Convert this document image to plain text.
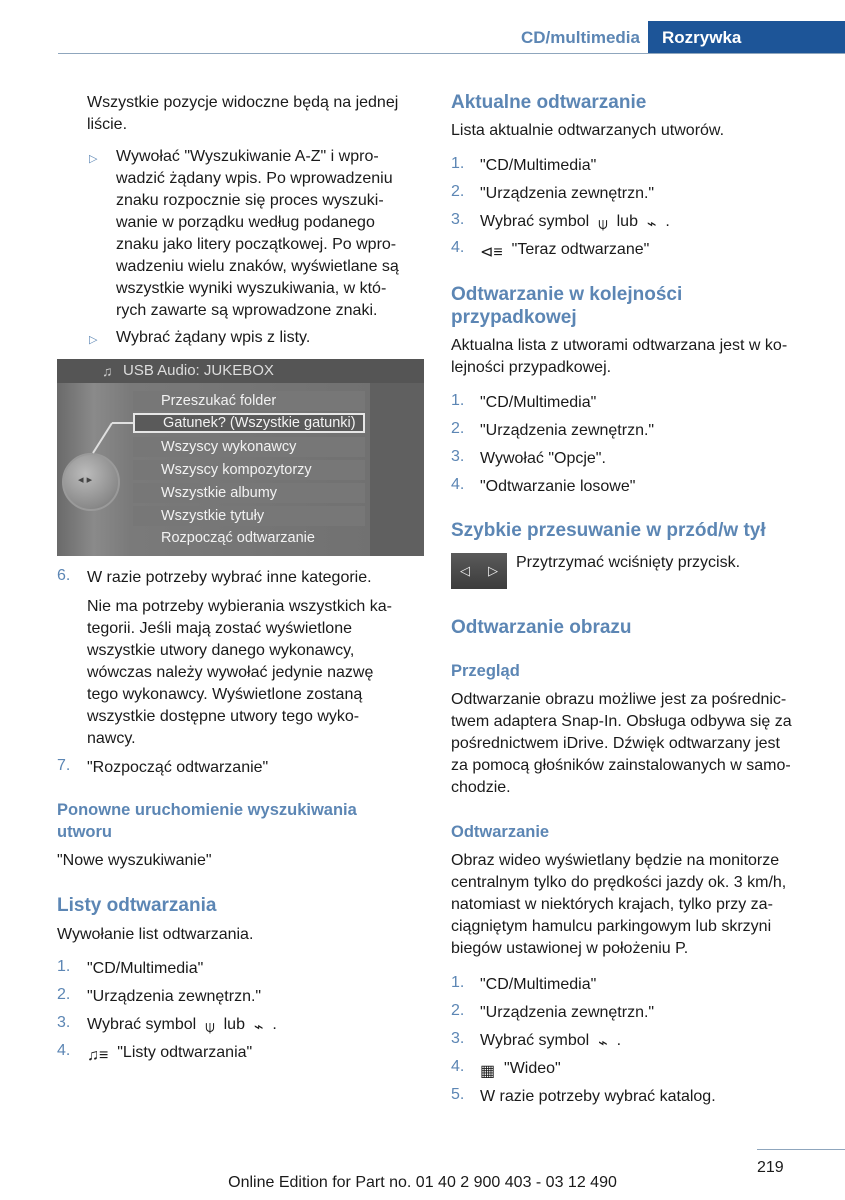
CD/multimedia	Rozrywka

Wszystkie pozycje widoczne będą na jednej

liście.

▷ Wywołać "Wyszukiwanie A-Z" i wpro-

wadzić żądany wpis. Po wprowadzeniu

znaku rozpocznie się proces wyszuki-

wanie w porządku według podanego

znaku jako litery początkowej. Po wpro-

wadzeniu wielu znaków, wyświetlane są

wszystkie wyniki wyszukiwania, w któ-

rych zawarte są wprowadzone znaki.

▷ Wybrać żądany wpis z listy.

♫ USB Audio: JUKEBOX
◂ ▸
Przeszukać folder
Gatunek? (Wszystkie gatunki)
Wszyscy wykonawcy
Wszyscy kompozytorzy
Wszystkie albumy
Wszystkie tytuły
Rozpocząć odtwarzanie
6. W razie potrzeby wybrać inne kategorie.

Nie ma potrzeby wybierania wszystkich ka-

tegorii. Jeśli mają zostać wyświetlone

wszystkie utwory danego wykonawcy,

wówczas należy wywołać jedynie nazwę

tego wykonawcy. Wyświetlone zostaną

wszystkie dostępne utwory tego wyko-

nawcy.

7. "Rozpocząć odtwarzanie"

Ponowne uruchomienie wyszukiwania

utworu

"Nowe wyszukiwanie"

Listy odtwarzania

Wywołanie list odtwarzania.

1. "CD/Multimedia"

2. "Urządzenia zewnętrzn."

3. Wybrać symbol  ⍦  lub  ⌁  .

4. ♫≡  "Listy odtwarzania"

Aktualne odtwarzanie

Lista aktualnie odtwarzanych utworów.

1. "CD/Multimedia"

2. "Urządzenia zewnętrzn."

3. Wybrać symbol  ⍦  lub  ⌁  .

4. ⊲≡  "Teraz odtwarzane"

Odtwarzanie w kolejności

przypadkowej

Aktualna lista z utworami odtwarzana jest w ko-

lejności przypadkowej.

1. "CD/Multimedia"

2. "Urządzenia zewnętrzn."

3. Wywołać "Opcje".

4. "Odtwarzanie losowe"

Szybkie przesuwanie w przód/w tył

◁ ▷ Przytrzymać wciśnięty przycisk.

Odtwarzanie obrazu

Przegląd

Odtwarzanie obrazu możliwe jest za pośrednic-

twem adaptera Snap-In. Obsługa odbywa się za

pośrednictwem iDrive. Dźwięk odtwarzany jest

za pomocą głośników zainstalowanych w samo-

chodzie.

Odtwarzanie

Obraz wideo wyświetlany będzie na monitorze

centralnym tylko do prędkości jazdy ok. 3 km/h,

natomiast w niektórych krajach, tylko przy za-

ciągniętym hamulcu parkingowym lub skrzyni

biegów ustawionej w położeniu P.

1. "CD/Multimedia"

2. "Urządzenia zewnętrzn."

3. Wybrać symbol  ⌁  .

4. ▦  "Wideo"

5. W razie potrzeby wybrać katalog.

219
Online Edition for Part no. 01 40 2 900 403 - 03 12 490
